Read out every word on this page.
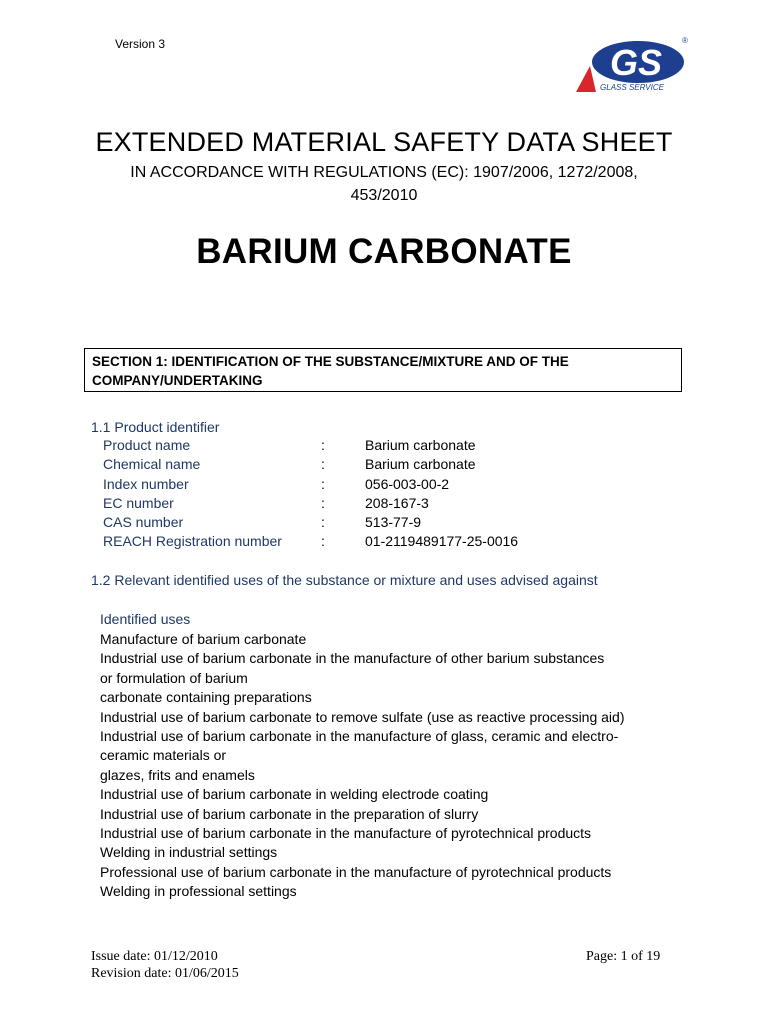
Version 3	GS
GLASS SERVICE
®
EXTENDED MATERIAL SAFETY DATA SHEET
IN ACCORDANCE WITH REGULATIONS (EC): 1907/2006, 1272/2008,
453/2010
BARIUM CARBONATE
SECTION 1: IDENTIFICATION OF THE SUBSTANCE/MIXTURE AND OF THE
COMPANY/UNDERTAKING
1.1 Product identifier
Product name	:	Barium carbonate
Chemical name	:	Barium carbonate
Index number	:	056-003-00-2
EC number	:	208-167-3
CAS number	:	513-77-9
REACH Registration number	:	01-2119489177-25-0016
1.2 Relevant identified uses of the substance or mixture and uses advised against
Identified uses
Manufacture of barium carbonate
Industrial use of barium carbonate in the manufacture of other barium substances
or formulation of barium
carbonate containing preparations
Industrial use of barium carbonate to remove sulfate (use as reactive processing aid)
Industrial use of barium carbonate in the manufacture of glass, ceramic and electro-
ceramic materials or
glazes, frits and enamels
Industrial use of barium carbonate in welding electrode coating
Industrial use of barium carbonate in the preparation of slurry
Industrial use of barium carbonate in the manufacture of pyrotechnical products
Welding in industrial settings
Professional use of barium carbonate in the manufacture of pyrotechnical products
Welding in professional settings
Issue date: 01/12/2010
Revision date: 01/06/2015
Page: 1 of 19
